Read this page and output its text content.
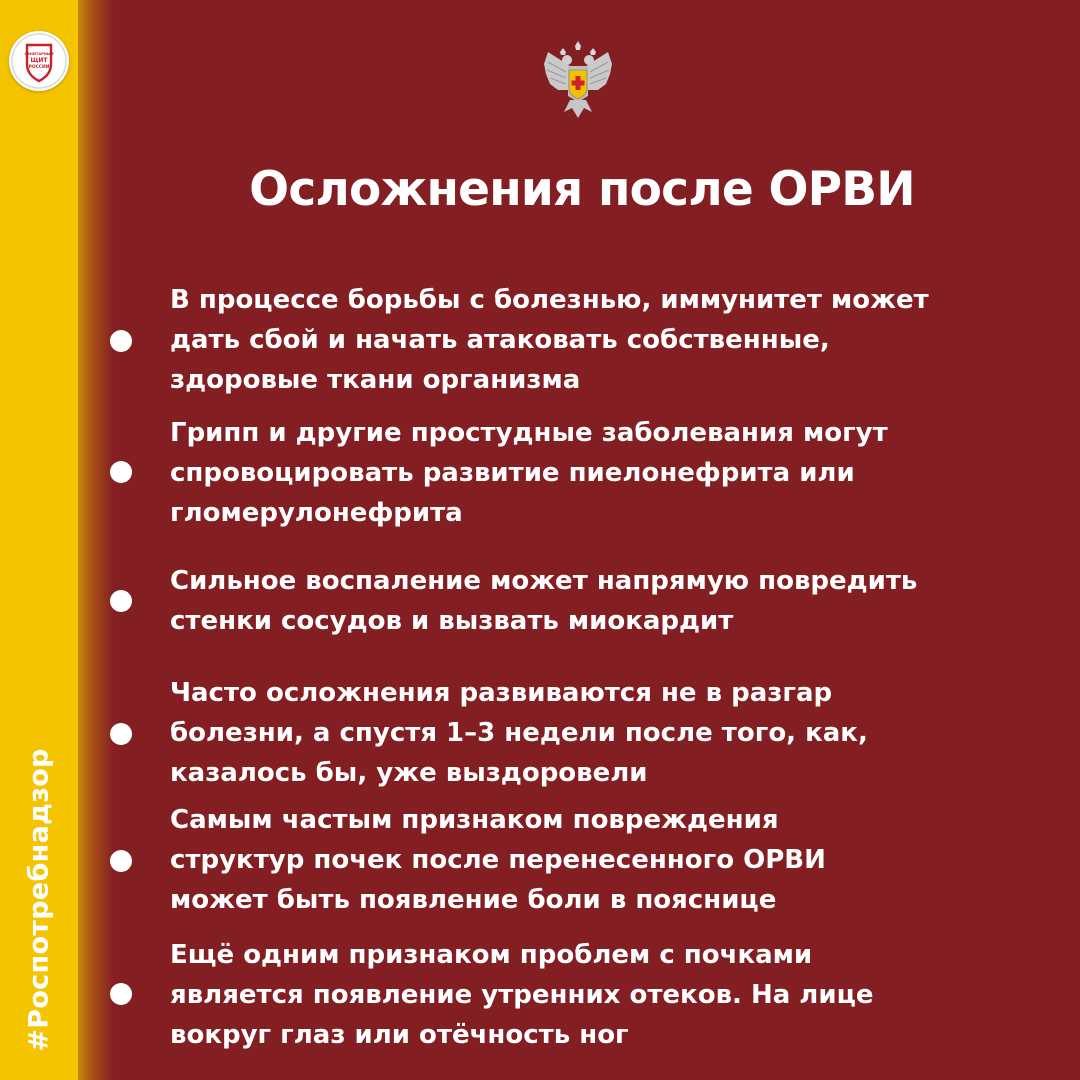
САНИТАРНЫЙ
ЩИТ
РОССИИ
#Роспотребнадзор
Осложнения после ОРВИ

В процессе борьбы с болезнью, иммунитет может
дать сбой и начать атаковать собственные,
здоровые ткани организма

Грипп и другие простудные заболевания могут
спровоцировать развитие пиелонефрита или
гломерулонефрита

Сильное воспаление может напрямую повредить
стенки сосудов и вызвать миокардит

Часто осложнения развиваются не в разгар
болезни, а спустя 1–3 недели после того, как,
казалось бы, уже выздоровели

Самым частым признаком повреждения
структур почек после перенесенного ОРВИ
может быть появление боли в пояснице

Ещё одним признаком проблем с почками
является появление утренних отеков. На лице
вокруг глаз или отёчность ног
